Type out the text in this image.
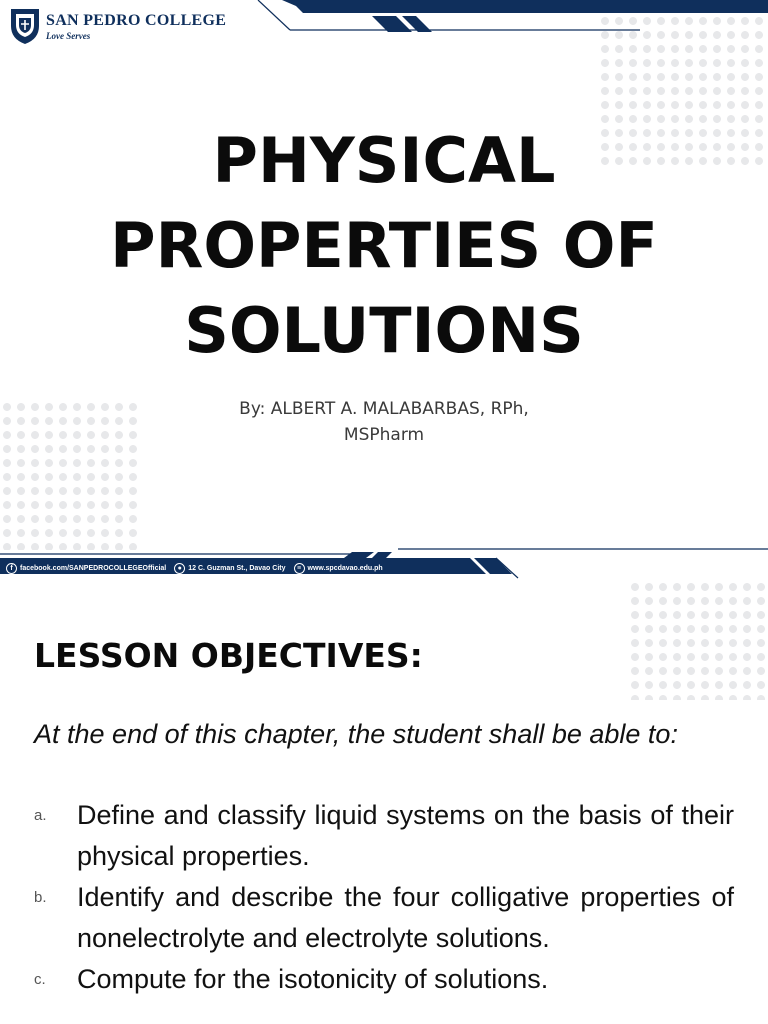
SAN PEDRO COLLEGE
Love Serves
PHYSICAL
PROPERTIES OF
SOLUTIONS
By: ALBERT A. MALABARBAS, RPh,
MSPharm
f	facebook.com/SANPEDROCOLLEGEOfficial	● 12 C. Guzman St., Davao City	≡ www.spcdavao.edu.ph
LESSON OBJECTIVES:
At the end of this chapter, the student shall be able to:
a. Define and classify liquid systems on the basis of their physical properties.
b. Identify and describe the four colligative properties of nonelectrolyte and electrolyte solutions.
c. Compute for the isotonicity of solutions.
